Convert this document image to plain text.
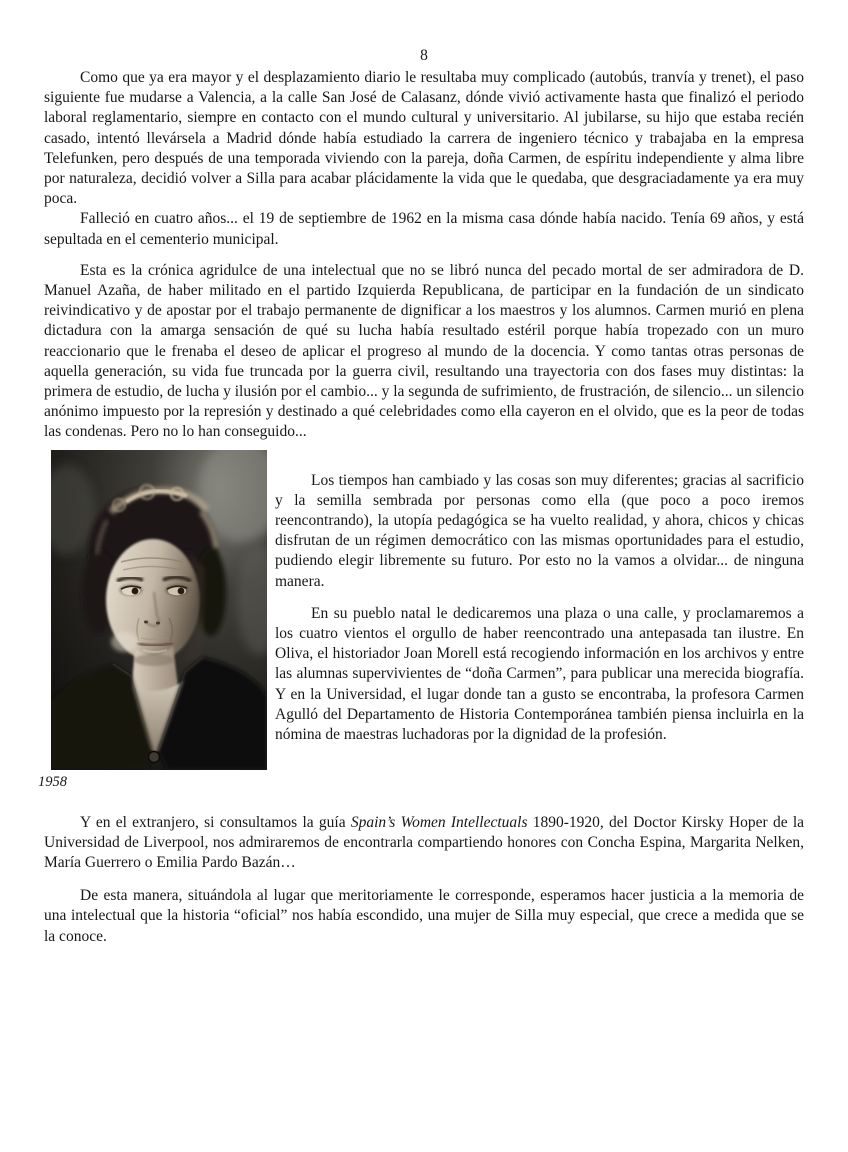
8

Como que ya era mayor y el desplazamiento diario le resultaba muy complicado (autobús, tranvía y trenet), el paso siguiente fue mudarse a Valencia, a la calle San José de Calasanz, dónde vivió activamente hasta que finalizó el periodo laboral reglamentario, siempre en contacto con el mundo cultural y universitario. Al jubilarse, su hijo que estaba recién casado, intentó llevársela a Madrid dónde había estudiado la carrera de ingeniero técnico y trabajaba en la empresa Telefunken, pero después de una temporada viviendo con la pareja, doña Carmen, de espíritu independiente y alma libre por naturaleza, decidió volver a Silla para acabar plácidamente la vida que le quedaba, que desgraciadamente ya era muy poca.

Falleció en cuatro años... el 19 de septiembre de 1962 en la misma casa dónde había nacido. Tenía 69 años, y está sepultada en el cementerio municipal.

Esta es la crónica agridulce de una intelectual que no se libró nunca del pecado mortal de ser admiradora de D. Manuel Azaña, de haber militado en el partido Izquierda Republicana, de participar en la fundación de un sindicato reivindicativo y de apostar por el trabajo permanente de dignificar a los maestros y los alumnos. Carmen murió en plena dictadura con la amarga sensación de qué su lucha había resultado estéril porque había tropezado con un muro reaccionario que le frenaba el deseo de aplicar el progreso al mundo de la docencia. Y como tantas otras personas de aquella generación, su vida fue truncada por la guerra civil, resultando una trayectoria con dos fases muy distintas: la primera de estudio, de lucha y ilusión por el cambio... y la segunda de sufrimiento, de frustración, de silencio... un silencio anónimo impuesto por la represión y destinado a qué celebridades como ella cayeron en el olvido, que es la peor de todas las condenas. Pero no lo han conseguido...

1958

Los tiempos han cambiado y las cosas son muy diferentes; gracias al sacrificio y la semilla sembrada por personas como ella (que poco a poco iremos reencontrando), la utopía pedagógica se ha vuelto realidad, y ahora, chicos y chicas disfrutan de un régimen democrático con las mismas oportunidades para el estudio, pudiendo elegir libremente su futuro. Por esto no la vamos a olvidar... de ninguna manera.

En su pueblo natal le dedicaremos una plaza o una calle, y proclamaremos a los cuatro vientos el orgullo de haber reencontrado una antepasada tan ilustre. En Oliva, el historiador Joan Morell está recogiendo información en los archivos y entre las alumnas supervivientes de “doña Carmen”, para publicar una merecida biografía. Y en la Universidad, el lugar donde tan a gusto se encontraba, la profesora Carmen Agulló del Departamento de Historia Contemporánea también piensa incluirla en la nómina de maestras luchadoras por la dignidad de la profesión.

Y en el extranjero, si consultamos la guía Spain’s Women Intellectuals 1890-1920, del Doctor Kirsky Hoper de la Universidad de Liverpool, nos admiraremos de encontrarla compartiendo honores con Concha Espina, Margarita Nelken, María Guerrero o Emilia Pardo Bazán…

De esta manera, situándola al lugar que meritoriamente le corresponde, esperamos hacer justicia a la memoria de una intelectual que la historia “oficial” nos había escondido, una mujer de Silla muy especial, que crece a medida que se la conoce.
